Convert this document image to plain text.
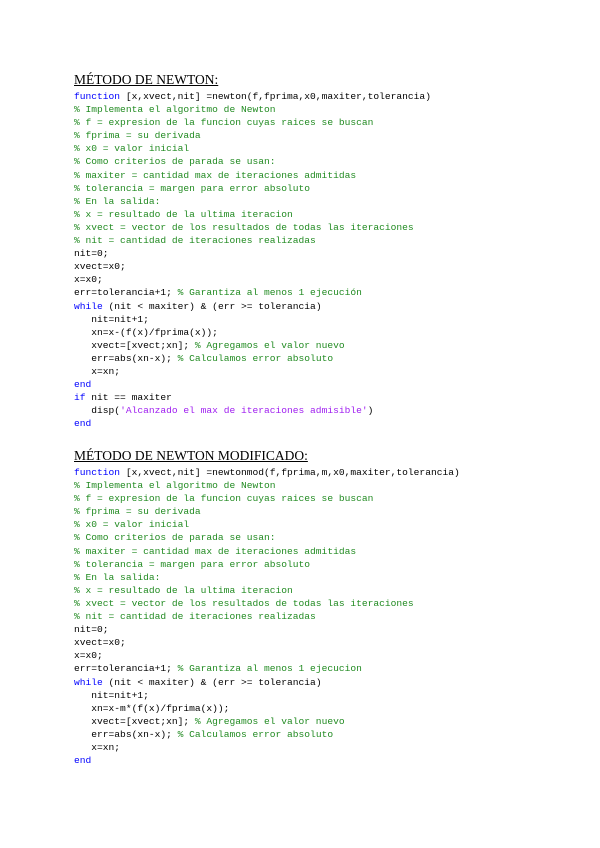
MÉTODO DE NEWTON:
function [x,xvect,nit] =newton(f,fprima,x0,maxiter,tolerancia)
% Implementa el algoritmo de Newton
% f = expresion de la funcion cuyas raices se buscan
% fprima = su derivada
% x0 = valor inicial
% Como criterios de parada se usan:
% maxiter = cantidad max de iteraciones admitidas
% tolerancia = margen para error absoluto
% En la salida:
% x = resultado de la ultima iteracion
% xvect = vector de los resultados de todas las iteraciones
% nit = cantidad de iteraciones realizadas
nit=0;
xvect=x0;
x=x0;
err=tolerancia+1; % Garantiza al menos 1 ejecución
while (nit < maxiter) & (err >= tolerancia)
nit=nit+1;
xn=x-(f(x)/fprima(x));
xvect=[xvect;xn]; % Agregamos el valor nuevo
err=abs(xn-x); % Calculamos error absoluto
x=xn;
end
if nit == maxiter
disp('Alcanzado el max de iteraciones admisible')
end
MÉTODO DE NEWTON MODIFICADO:
function [x,xvect,nit] =newtonmod(f,fprima,m,x0,maxiter,tolerancia)
% Implementa el algoritmo de Newton
% f = expresion de la funcion cuyas raices se buscan
% fprima = su derivada
% x0 = valor inicial
% Como criterios de parada se usan:
% maxiter = cantidad max de iteraciones admitidas
% tolerancia = margen para error absoluto
% En la salida:
% x = resultado de la ultima iteracion
% xvect = vector de los resultados de todas las iteraciones
% nit = cantidad de iteraciones realizadas
nit=0;
xvect=x0;
x=x0;
err=tolerancia+1; % Garantiza al menos 1 ejecucion
while (nit < maxiter) & (err >= tolerancia)
nit=nit+1;
xn=x-m*(f(x)/fprima(x));
xvect=[xvect;xn]; % Agregamos el valor nuevo
err=abs(xn-x); % Calculamos error absoluto
x=xn;
end
